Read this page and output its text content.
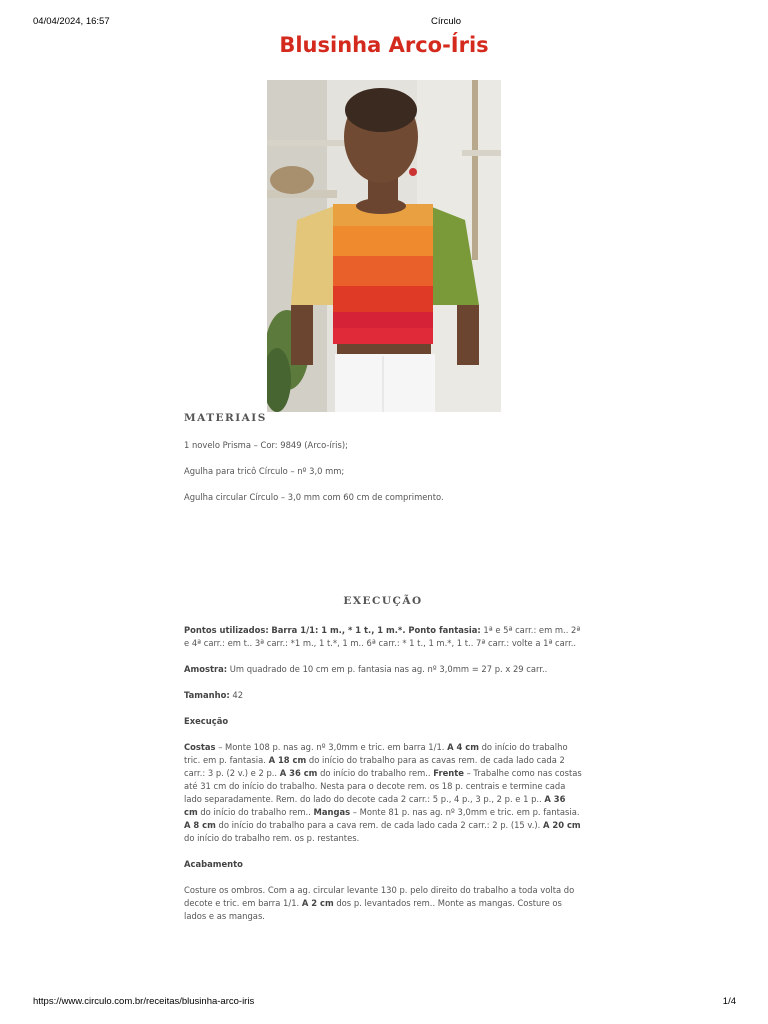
04/04/2024, 16:57	Círculo
Blusinha Arco-Íris
MATERIAIS

1 novelo Prisma – Cor: 9849 (Arco-íris);

Agulha para tricô Círculo – nº 3,0 mm;

Agulha circular Círculo – 3,0 mm com 60 cm de comprimento.

EXECUÇÃO

Pontos utilizados: Barra 1/1: 1 m., * 1 t., 1 m.*. Ponto fantasia: 1ª e 5ª carr.: em m.. 2ª e 4ª carr.: em t.. 3ª carr.: *1 m., 1 t.*, 1 m.. 6ª carr.: * 1 t., 1 m.*, 1 t.. 7ª carr.: volte a 1ª carr..

Amostra: Um quadrado de 10 cm em p. fantasia nas ag. nº 3,0mm = 27 p. x 29 carr..

Tamanho: 42

Execução

Costas – Monte 108 p. nas ag. nº 3,0mm e tric. em barra 1/1. A 4 cm do início do trabalho tric. em p. fantasia. A 18 cm do início do trabalho para as cavas rem. de cada lado cada 2 carr.: 3 p. (2 v.) e 2 p.. A 36 cm do início do trabalho rem.. Frente – Trabalhe como nas costas até 31 cm do início do trabalho. Nesta para o decote rem. os 18 p. centrais e termine cada lado separadamente. Rem. do lado do decote cada 2 carr.: 5 p., 4 p., 3 p., 2 p. e 1 p.. A 36 cm do início do trabalho rem.. Mangas – Monte 81 p. nas ag. nº 3,0mm e tric. em p. fantasia. A 8 cm do início do trabalho para a cava rem. de cada lado cada 2 carr.: 2 p. (15 v.). A 20 cm do início do trabalho rem. os p. restantes.

Acabamento

Costure os ombros. Com a ag. circular levante 130 p. pelo direito do trabalho a toda volta do decote e tric. em barra 1/1. A 2 cm dos p. levantados rem.. Monte as mangas. Costure os lados e as mangas.

https://www.circulo.com.br/receitas/blusinha-arco-iris	1/4
